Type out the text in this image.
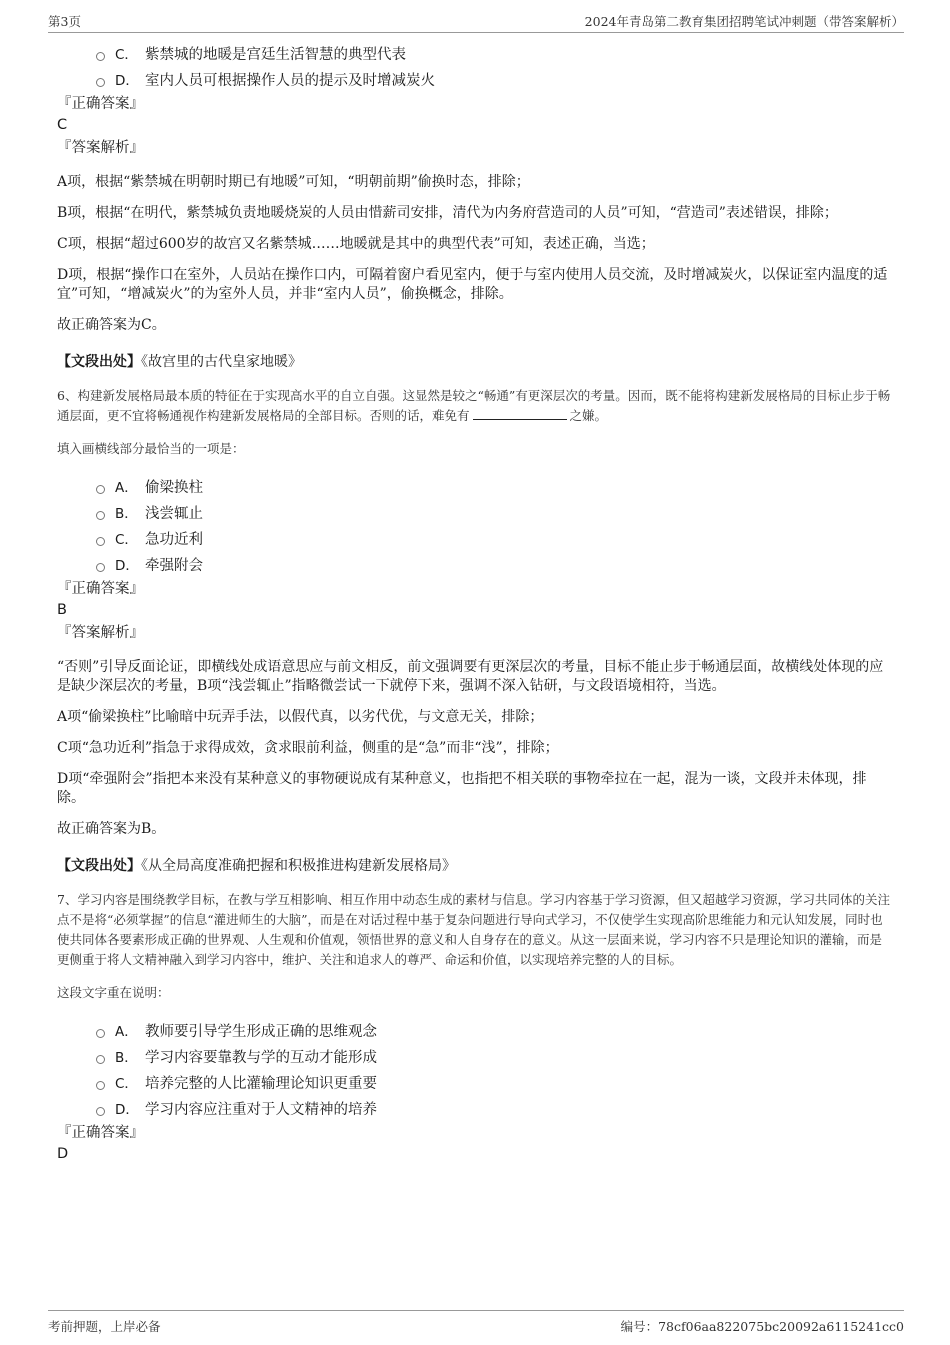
第3页	2024年青岛第二教育集团招聘笔试冲刺题（带答案解析）
C． 紫禁城的地暖是宫廷生活智慧的典型代表
D． 室内人员可根据操作人员的提示及时增减炭火
『正确答案』
C
『答案解析』

A项，根据“紫禁城在明朝时期已有地暖”可知，“明朝前期”偷换时态，排除；

B项，根据“在明代，紫禁城负责地暖烧炭的人员由惜薪司安排，清代为内务府营造司的人员”可知，“营造司”表述错误，排除；

C项，根据“超过600岁的故宫又名紫禁城……地暖就是其中的典型代表”可知，表述正确，当选；

D项，根据“操作口在室外，人员站在操作口内，可隔着窗户看见室内，便于与室内使用人员交流，及时增减炭火，以保证室内温度的适宜”可知，“增减炭火”的为室外人员，并非“室内人员”，偷换概念，排除。

故正确答案为C。

【文段出处】《故宫里的古代皇家地暖》
6、构建新发展格局最本质的特征在于实现高水平的自立自强。这显然是较之“畅通”有更深层次的考量。因而，既不能将构建新发展格局的目标止步于畅通层面，更不宜将畅通视作构建新发展格局的全部目标。否则的话，难免有	之嫌。
填入画横线部分最恰当的一项是：
A． 偷梁换柱
B． 浅尝辄止
C． 急功近利
D． 牵强附会
『正确答案』
B
『答案解析』

“否则”引导反面论证，即横线处成语意思应与前文相反，前文强调要有更深层次的考量，目标不能止步于畅通层面，故横线处体现的应是缺少深层次的考量，B项“浅尝辄止”指略微尝试一下就停下来，强调不深入钻研，与文段语境相符，当选。

A项“偷梁换柱”比喻暗中玩弄手法，以假代真，以劣代优，与文意无关，排除；

C项“急功近利”指急于求得成效，贪求眼前利益，侧重的是“急”而非“浅”，排除；

D项“牵强附会”指把本来没有某种意义的事物硬说成有某种意义，也指把不相关联的事物牵拉在一起，混为一谈，文段并未体现，排除。

故正确答案为B。

【文段出处】《从全局高度准确把握和积极推进构建新发展格局》
7、学习内容是围绕教学目标，在教与学互相影响、相互作用中动态生成的素材与信息。学习内容基于学习资源，但又超越学习资源，学习共同体的关注点不是将“必须掌握”的信息“灌进师生的大脑”，而是在对话过程中基于复杂问题进行导向式学习，不仅使学生实现高阶思维能力和元认知发展，同时也使共同体各要素形成正确的世界观、人生观和价值观，领悟世界的意义和人自身存在的意义。从这一层面来说，学习内容不只是理论知识的灌输，而是更侧重于将人文精神融入到学习内容中，维护、关注和追求人的尊严、命运和价值，以实现培养完整的人的目标。
这段文字重在说明：
A． 教师要引导学生形成正确的思维观念
B． 学习内容要靠教与学的互动才能形成
C． 培养完整的人比灌输理论知识更重要
D． 学习内容应注重对于人文精神的培养
『正确答案』
D
考前押题，上岸必备	编号：78cf06aa822075bc20092a6115241cc0
